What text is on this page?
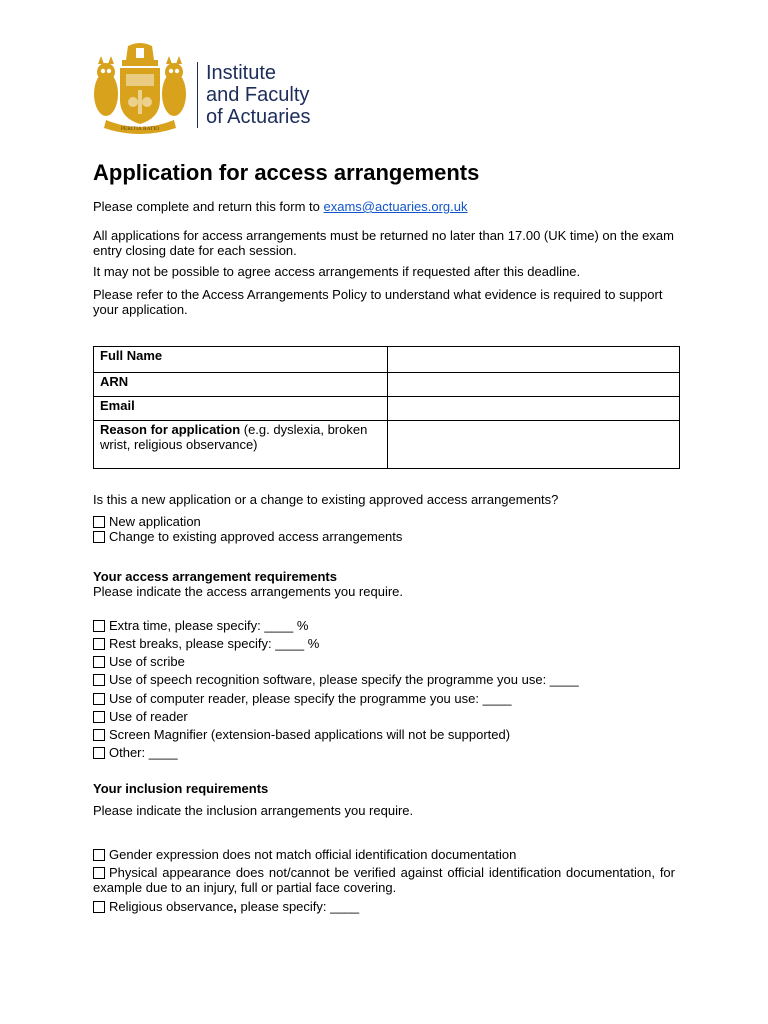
PERITIA RATIO
Institute
and Faculty
of Actuaries
Application for access arrangements
Please complete and return this form to exams@actuaries.org.uk
All applications for access arrangements must be returned no later than 17.00 (UK time) on the exam entry closing date for each session.
It may not be possible to agree access arrangements if requested after this deadline.
Please refer to the Access Arrangements Policy to understand what evidence is required to support your application.
Full Name	
ARN	
Email	
Reason for application (e.g. dyslexia, broken wrist, religious observance)	
Is this a new application or a change to existing approved access arrangements?
New application
Change to existing approved access arrangements
Your access arrangement requirements
Please indicate the access arrangements you require.
Extra time, please specify: ____ %
Rest breaks, please specify: ____ %
Use of scribe
Use of speech recognition software, please specify the programme you use: ____
Use of computer reader, please specify the programme you use: ____
Use of reader
Screen Magnifier (extension-based applications will not be supported)
Other: ____
Your inclusion requirements
Please indicate the inclusion arrangements you require.
Gender expression does not match official identification documentation
Physical appearance does not/cannot be verified against official identification documentation, for example due to an injury, full or partial face covering.
Religious observance, please specify: ____
